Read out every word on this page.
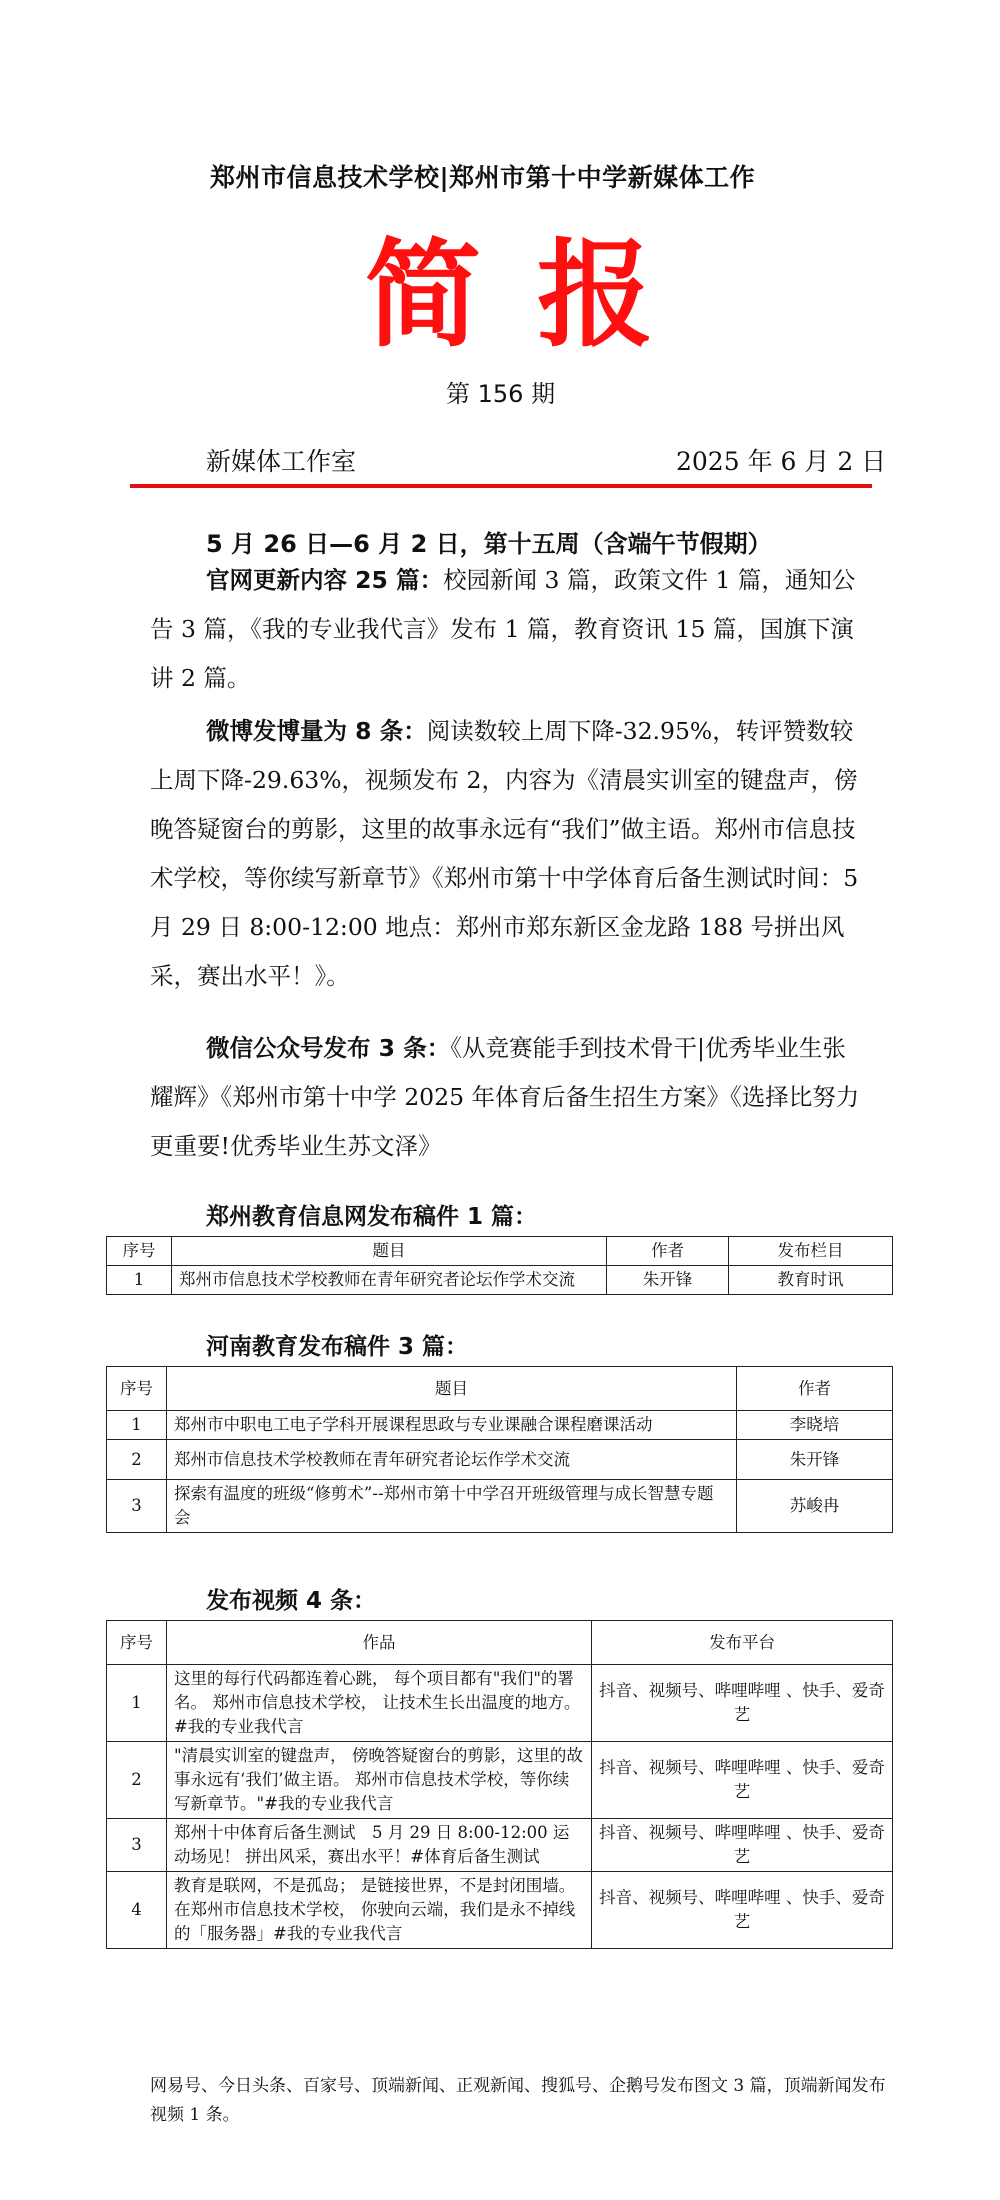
郑州市信息技术学校|郑州市第十中学新媒体工作
简报
第 156 期
新媒体工作室	2025 年 6 月 2 日
5 月 26 日—6 月 2 日，第十五周（含端午节假期）

官网更新内容 25 篇：校园新闻 3 篇，政策文件 1 篇，通知公告 3 篇，《我的专业我代言》发布 1 篇，教育资讯 15 篇，国旗下演讲 2 篇。

微博发博量为 8 条：阅读数较上周下降-32.95%，转评赞数较上周下降-29.63%，视频发布 2，内容为《清晨实训室的键盘声，傍晚答疑窗台的剪影，这里的故事永远有“我们”做主语。郑州市信息技术学校，等你续写新章节》《郑州市第十中学体育后备生测试时间：5 月 29 日 8:00-12:00 地点：郑州市郑东新区金龙路 188 号拼出风采，赛出水平！》。

微信公众号发布 3 条：《从竞赛能手到技术骨干|优秀毕业生张耀辉》《郑州市第十中学 2025 年体育后备生招生方案》《选择比努力更重要!优秀毕业生苏文泽》

郑州教育信息网发布稿件 1 篇：
序号	题目	作者	发布栏目
1	郑州市信息技术学校教师在青年研究者论坛作学术交流	朱开锋	教育时讯
河南教育发布稿件 3 篇：
序号	题目	作者
1	郑州市中职电工电子学科开展课程思政与专业课融合课程磨课活动	李晓培
2	郑州市信息技术学校教师在青年研究者论坛作学术交流	朱开锋
3	探索有温度的班级“修剪术”--郑州市第十中学召开班级管理与成长智慧专题会	苏峻冉
发布视频 4 条：
序号	作品	发布平台
1	这里的每行代码都连着心跳， 每个项目都有"我们"的署名。 郑州市信息技术学校， 让技术生长出温度的地方。#我的专业我代言	抖音、视频号、哔哩哔哩 、快手、爱奇艺
2	"清晨实训室的键盘声， 傍晚答疑窗台的剪影，这里的故事永远有‘我们’做主语。 郑州市信息技术学校，等你续写新章节。"#我的专业我代言	抖音、视频号、哔哩哔哩 、快手、爱奇艺
3	郑州十中体育后备生测试　5 月 29 日 8:00-12:00 运动场见！ 拼出风采，赛出水平！#体育后备生测试	抖音、视频号、哔哩哔哩 、快手、爱奇艺
4	教育是联网，不是孤岛； 是链接世界，不是封闭围墙。 在郑州市信息技术学校， 你驶向云端，我们是永不掉线的「服务器」#我的专业我代言	抖音、视频号、哔哩哔哩 、快手、爱奇艺

网易号、今日头条、百家号、顶端新闻、正观新闻、搜狐号、企鹅号发布图文 3 篇，顶端新闻发布视频 1 条。
